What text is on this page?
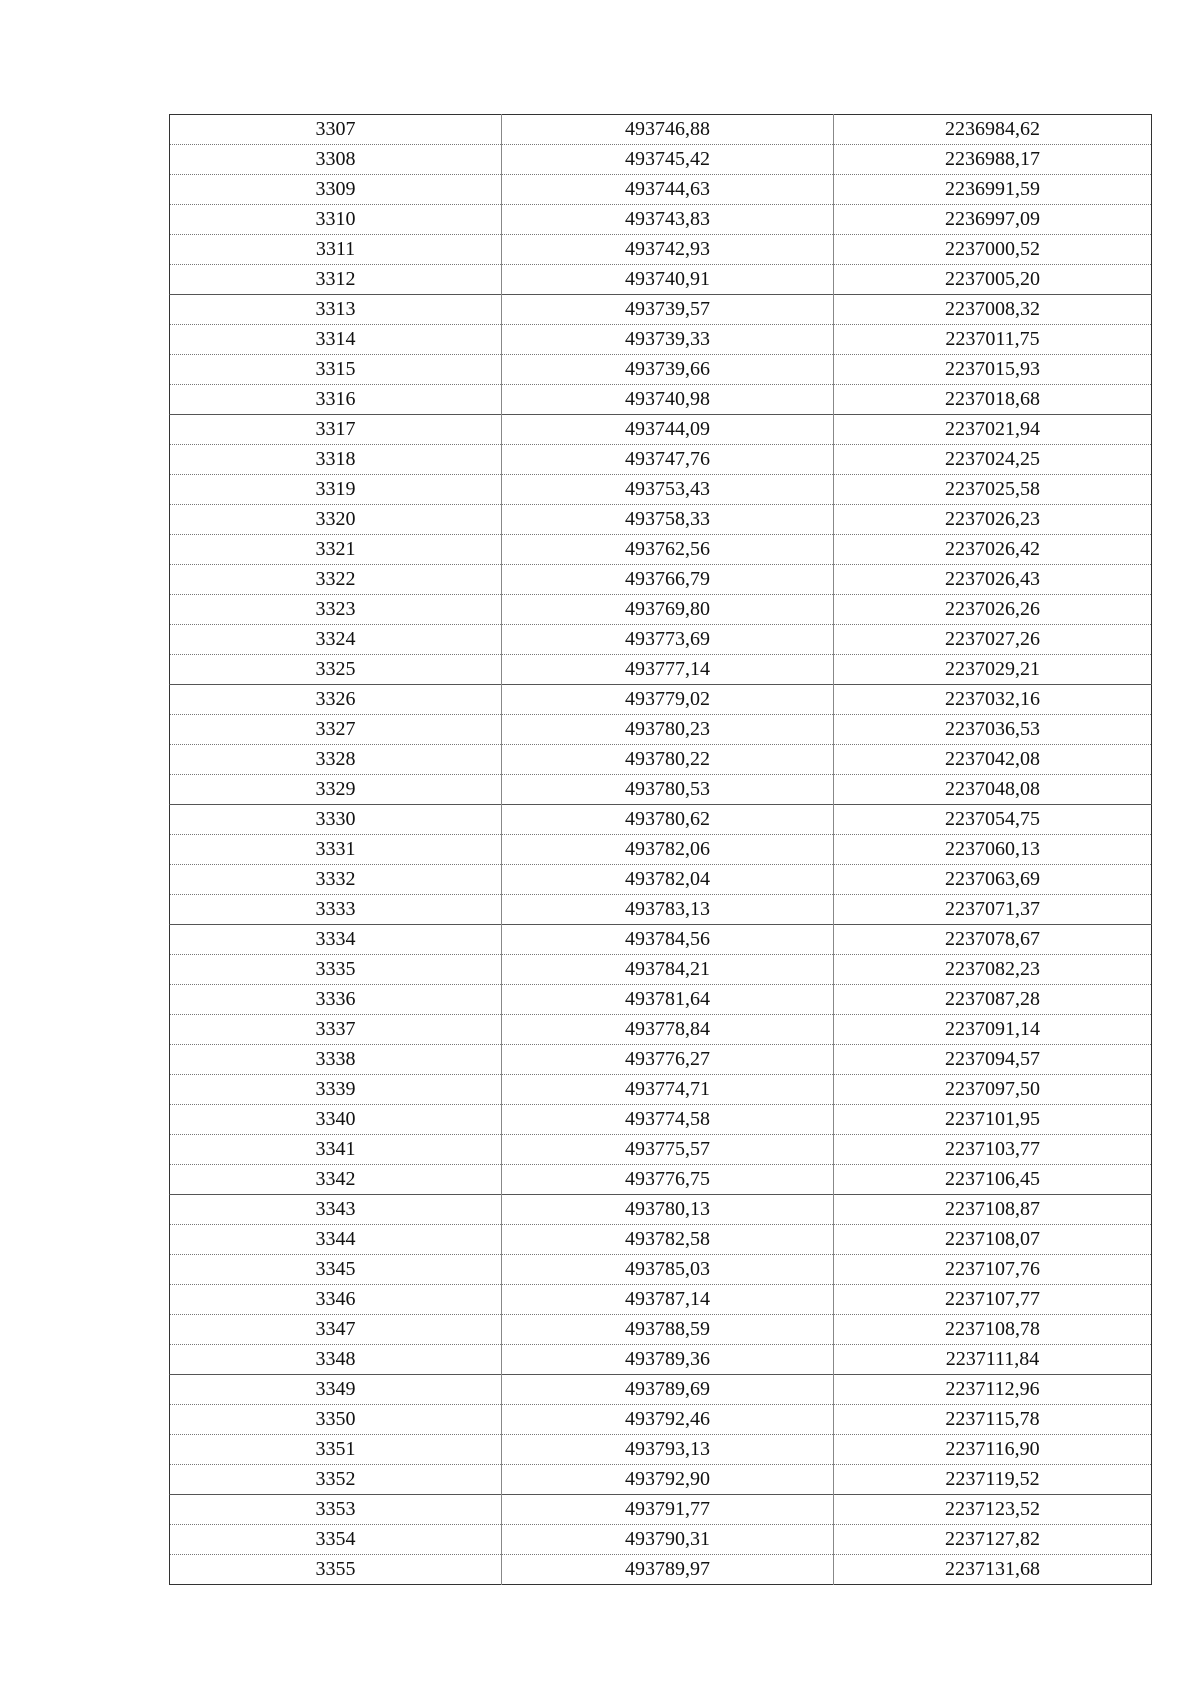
3307	493746,88	2236984,62
3308	493745,42	2236988,17
3309	493744,63	2236991,59
3310	493743,83	2236997,09
3311	493742,93	2237000,52
3312	493740,91	2237005,20
3313	493739,57	2237008,32
3314	493739,33	2237011,75
3315	493739,66	2237015,93
3316	493740,98	2237018,68
3317	493744,09	2237021,94
3318	493747,76	2237024,25
3319	493753,43	2237025,58
3320	493758,33	2237026,23
3321	493762,56	2237026,42
3322	493766,79	2237026,43
3323	493769,80	2237026,26
3324	493773,69	2237027,26
3325	493777,14	2237029,21
3326	493779,02	2237032,16
3327	493780,23	2237036,53
3328	493780,22	2237042,08
3329	493780,53	2237048,08
3330	493780,62	2237054,75
3331	493782,06	2237060,13
3332	493782,04	2237063,69
3333	493783,13	2237071,37
3334	493784,56	2237078,67
3335	493784,21	2237082,23
3336	493781,64	2237087,28
3337	493778,84	2237091,14
3338	493776,27	2237094,57
3339	493774,71	2237097,50
3340	493774,58	2237101,95
3341	493775,57	2237103,77
3342	493776,75	2237106,45
3343	493780,13	2237108,87
3344	493782,58	2237108,07
3345	493785,03	2237107,76
3346	493787,14	2237107,77
3347	493788,59	2237108,78
3348	493789,36	2237111,84
3349	493789,69	2237112,96
3350	493792,46	2237115,78
3351	493793,13	2237116,90
3352	493792,90	2237119,52
3353	493791,77	2237123,52
3354	493790,31	2237127,82
3355	493789,97	2237131,68
